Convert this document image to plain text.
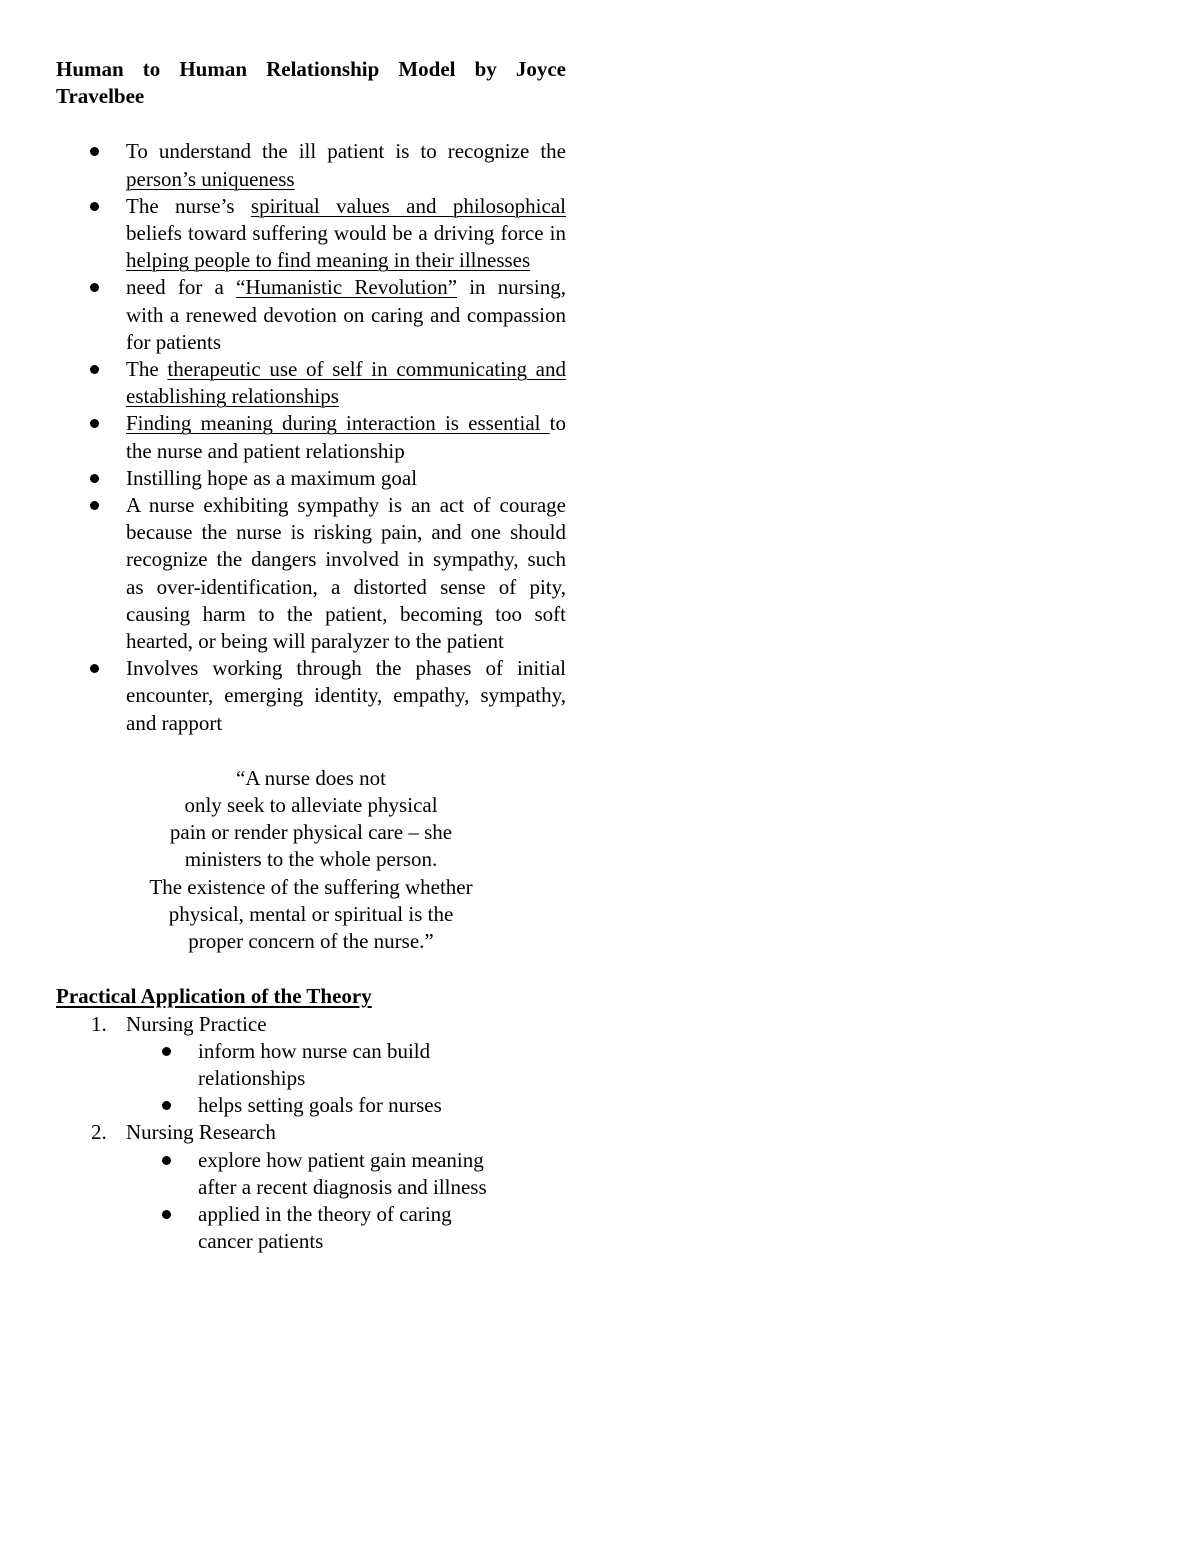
Human to Human Relationship Model by Joyce Travelbee
To understand the ill patient is to recognize the person’s uniqueness
The nurse’s spiritual values and philosophical beliefs toward suffering would be a driving force in helping people to find meaning in their illnesses
need for a “Humanistic Revolution” in nursing, with a renewed devotion on caring and compassion for patients
The therapeutic use of self in communicating and establishing relationships
Finding meaning during interaction is essential to the nurse and patient relationship
Instilling hope as a maximum goal
A nurse exhibiting sympathy is an act of courage because the nurse is risking pain, and one should recognize the dangers involved in sympathy, such as over-identification, a distorted sense of pity, causing harm to the patient, becoming too soft hearted, or being will paralyzer to the patient
Involves working through the phases of initial encounter, emerging identity, empathy, sympathy, and rapport
“A nurse does not
only seek to alleviate physical
pain or render physical care – she
ministers to the whole person.
The existence of the suffering whether
physical, mental or spiritual is the
proper concern of the nurse.”
Practical Application of the Theory
1. Nursing Practice
inform how nurse can build relationships
helps setting goals for nurses
2. Nursing Research
explore how patient gain meaning after a recent diagnosis and illness
applied in the theory of caring cancer patients
